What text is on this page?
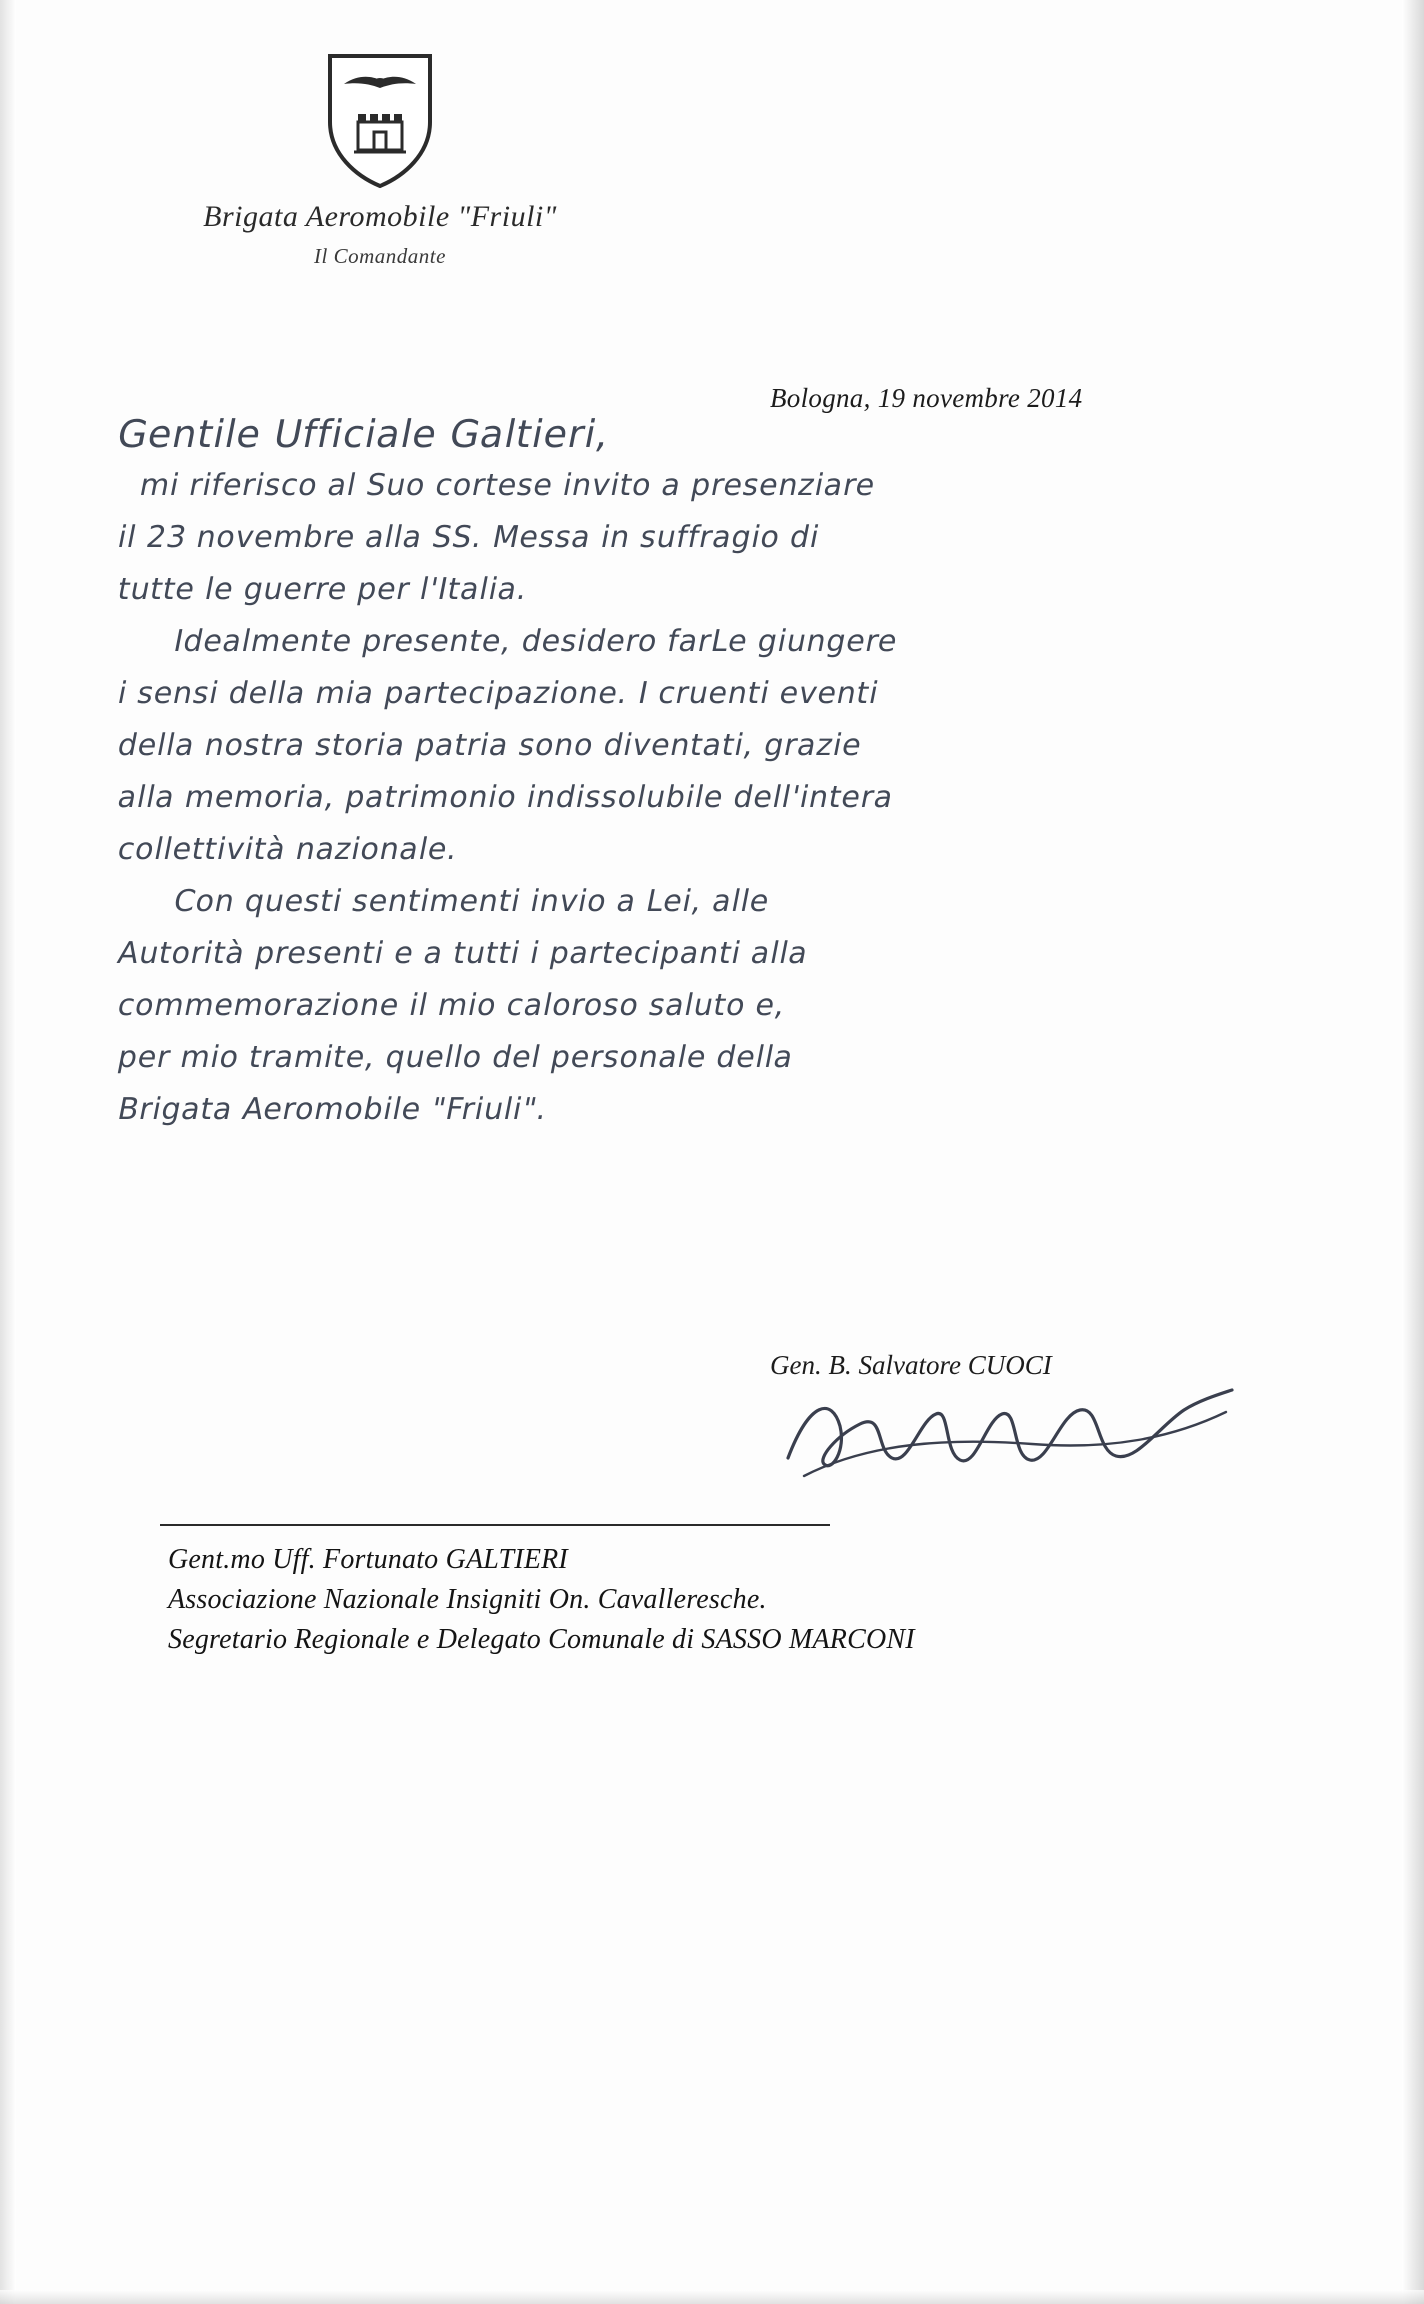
Brigata Aeromobile "Friuli"
Il Comandante
Bologna, 19 novembre 2014
Gentile Ufficiale Galtieri,
mi riferisco al Suo cortese invito a presenziare
il 23 novembre alla SS. Messa in suffragio di
tutte le guerre per l'Italia.
Idealmente presente, desidero farLe giungere
i sensi della mia partecipazione. I cruenti eventi
della nostra storia patria sono diventati, grazie
alla memoria, patrimonio indissolubile dell'intera
collettività nazionale.
Con questi sentimenti invio a Lei, alle
Autorità presenti e a tutti i partecipanti alla
commemorazione il mio caloroso saluto e,
per mio tramite, quello del personale della
Brigata Aeromobile "Friuli".
Gen. B. Salvatore CUOCI
Gent.mo Uff. Fortunato GALTIERI
Associazione Nazionale Insigniti On. Cavalleresche.
Segretario Regionale e Delegato Comunale di SASSO MARCONI
